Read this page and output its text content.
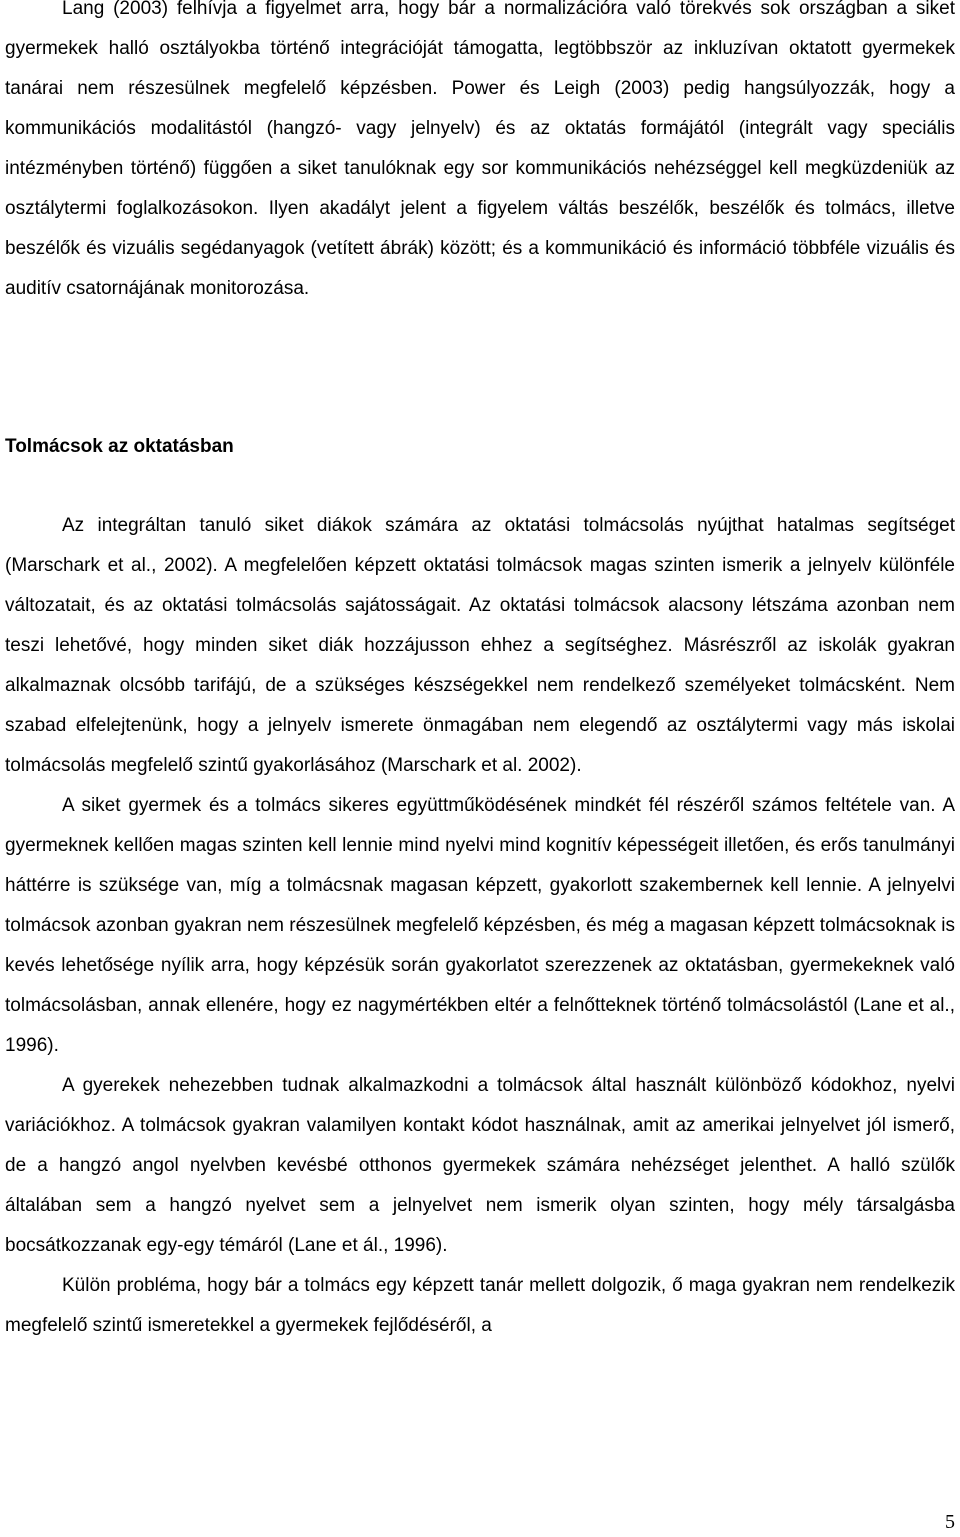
Lang (2003) felhívja a figyelmet arra, hogy bár a normalizációra való törekvés sok országban a siket gyermekek halló osztályokba történő integrációját támogatta, legtöbbször az inkluzívan oktatott gyermekek tanárai nem részesülnek megfelelő képzésben. Power és Leigh (2003) pedig hangsúlyozzák, hogy a kommunikációs modalitástól (hangzó- vagy jelnyelv) és az oktatás formájától (integrált vagy speciális intézményben történő) függően a siket tanulóknak egy sor kommunikációs nehézséggel kell megküzdeniük az osztálytermi foglalkozásokon. Ilyen akadályt jelent a figyelem váltás beszélők, beszélők és tolmács, illetve beszélők és vizuális segédanyagok (vetített ábrák) között; és a kommunikáció és információ többféle vizuális és auditív csatornájának monitorozása.

Tolmácsok az oktatásban

Az integráltan tanuló siket diákok számára az oktatási tolmácsolás nyújthat hatalmas segítséget (Marschark et al., 2002). A megfelelően képzett oktatási tolmácsok magas szinten ismerik a jelnyelv különféle változatait, és az oktatási tolmácsolás sajátosságait. Az oktatási tolmácsok alacsony létszáma azonban nem teszi lehetővé, hogy minden siket diák hozzájusson ehhez a segítséghez. Másrészről az iskolák gyakran alkalmaznak olcsóbb tarifájú, de a szükséges készségekkel nem rendelkező személyeket tolmácsként. Nem szabad elfelejtenünk, hogy a jelnyelv ismerete önmagában nem elegendő az osztálytermi vagy más iskolai tolmácsolás megfelelő szintű gyakorlásához (Marschark et al. 2002).

A siket gyermek és a tolmács sikeres együttműködésének mindkét fél részéről számos feltétele van. A gyermeknek kellően magas szinten kell lennie mind nyelvi mind kognitív képességeit illetően, és erős tanulmányi háttérre is szüksége van, míg a tolmácsnak magasan képzett, gyakorlott szakembernek kell lennie. A jelnyelvi tolmácsok azonban gyakran nem részesülnek megfelelő képzésben, és még a magasan képzett tolmácsoknak is kevés lehetősége nyílik arra, hogy képzésük során gyakorlatot szerezzenek az oktatásban, gyermekeknek való tolmácsolásban, annak ellenére, hogy ez nagymértékben eltér a felnőtteknek történő tolmácsolástól (Lane et al., 1996).

A gyerekek nehezebben tudnak alkalmazkodni a tolmácsok által használt különböző kódokhoz, nyelvi variációkhoz. A tolmácsok gyakran valamilyen kontakt kódot használnak, amit az amerikai jelnyelvet jól ismerő, de a hangzó angol nyelvben kevésbé otthonos gyermekek számára nehézséget jelenthet. A halló szülők általában sem a hangzó nyelvet sem a jelnyelvet nem ismerik olyan szinten, hogy mély társalgásba bocsátkozzanak egy-egy témáról (Lane et ál., 1996).

Külön probléma, hogy bár a tolmács egy képzett tanár mellett dolgozik, ő maga gyakran nem rendelkezik megfelelő szintű ismeretekkel a gyermekek fejlődéséről, a

5
